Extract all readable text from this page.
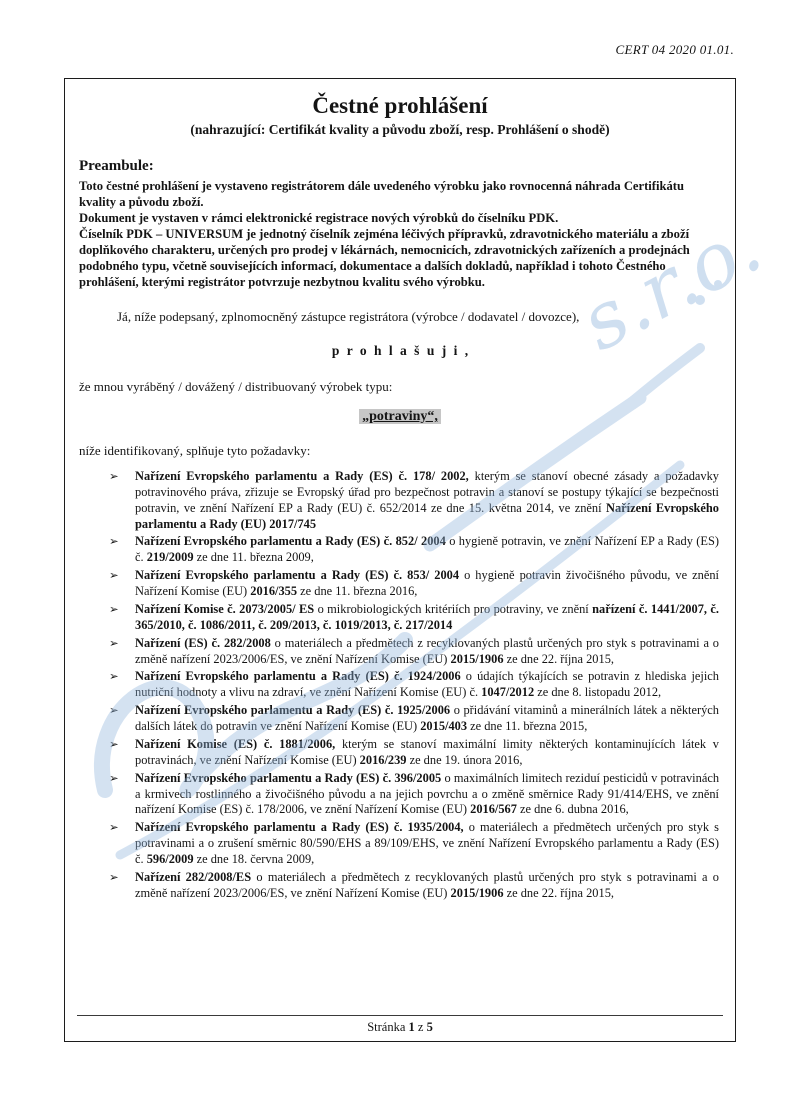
CERT 04 2020 01.01.
Čestné prohlášení
(nahrazující: Certifikát kvality a původu zboží, resp. Prohlášení o shodě)
Preambule:

Toto čestné prohlášení je vystaveno registrátorem dále uvedeného výrobku jako rovnocenná náhrada Certifikátu kvality a původu zboží.

Dokument je vystaven v rámci elektronické registrace nových výrobků do číselníku PDK.

Číselník PDK – UNIVERSUM je jednotný číselník zejména léčivých přípravků, zdravotnického materiálu a zboží doplňkového charakteru, určených pro prodej v lékárnách, nemocnicích, zdravotnických zařízeních a prodejnách podobného typu, včetně souvisejících informací, dokumentace a dalších dokladů, například i tohoto Čestného prohlášení, kterými registrátor potvrzuje nezbytnou kvalitu svého výrobku.

Já, níže podepsaný, zplnomocněný zástupce registrátora (výrobce / dodavatel / dovozce),

p r o h l a š u j i ,

že mnou vyráběný / dovážený / distribuovaný výrobek typu:

„potraviny“,

níže identifikovaný, splňuje tyto požadavky:

➢ Nařízení Evropského parlamentu a Rady (ES) č. 178/ 2002, kterým se stanoví obecné zásady a požadavky potravinového práva, zřizuje se Evropský úřad pro bezpečnost potravin a stanoví se postupy týkající se bezpečnosti potravin, ve znění Nařízení EP a Rady (EU) č. 652/2014 ze dne 15. května 2014, ve znění Nařízení Evropského parlamentu a Rady (EU) 2017/745
➢ Nařízení Evropského parlamentu a Rady (ES) č. 852/ 2004 o hygieně potravin, ve znění Nařízení EP a Rady (ES) č. 219/2009 ze dne 11. března 2009,
➢ Nařízení Evropského parlamentu a Rady (ES) č. 853/ 2004 o hygieně potravin živočišného původu, ve znění Nařízení Komise (EU) 2016/355 ze dne 11. března 2016,
➢ Nařízení Komise č. 2073/2005/ ES o mikrobiologických kritériích pro potraviny, ve znění nařízení č. 1441/2007, č. 365/2010, č. 1086/2011, č. 209/2013, č. 1019/2013, č. 217/2014
➢ Nařízení (ES) č. 282/2008 o materiálech a předmětech z recyklovaných plastů určených pro styk s potravinami a o změně nařízení 2023/2006/ES, ve znění Nařízení Komise (EU) 2015/1906 ze dne 22. října 2015,
➢ Nařízení Evropského parlamentu a Rady (ES) č. 1924/2006 o údajích týkajících se potravin z hlediska jejich nutriční hodnoty a vlivu na zdraví, ve znění Nařízení Komise (EU) č. 1047/2012 ze dne 8. listopadu 2012,
➢ Nařízení Evropského parlamentu a Rady (ES) č. 1925/2006 o přidávání vitaminů a minerálních látek a některých dalších látek do potravin ve znění Nařízení Komise (EU) 2015/403 ze dne 11. března 2015,
➢ Nařízení Komise (ES) č. 1881/2006, kterým se stanoví maximální limity některých kontaminujících látek v potravinách, ve znění Nařízení Komise (EU) 2016/239 ze dne 19. února 2016,
➢ Nařízení Evropského parlamentu a Rady (ES) č. 396/2005 o maximálních limitech reziduí pesticidů v potravinách a krmivech rostlinného a živočišného původu a na jejich povrchu a o změně směrnice Rady 91/414/EHS, ve znění nařízení Komise (ES) č. 178/2006, ve znění Nařízení Komise (EU) 2016/567 ze dne 6. dubna 2016,
➢ Nařízení Evropského parlamentu a Rady (ES) č. 1935/2004, o materiálech a předmětech určených pro styk s potravinami a o zrušení směrnic 80/590/EHS a 89/109/EHS, ve znění Nařízení Evropského parlamentu a Rady (ES) č. 596/2009 ze dne 18. června 2009,
➢ Nařízení 282/2008/ES o materiálech a předmětech z recyklovaných plastů určených pro styk s potravinami a o změně nařízení 2023/2006/ES, ve znění Nařízení Komise (EU) 2015/1906 ze dne 22. října 2015,
Stránka 1 z 5
s.r.o.
